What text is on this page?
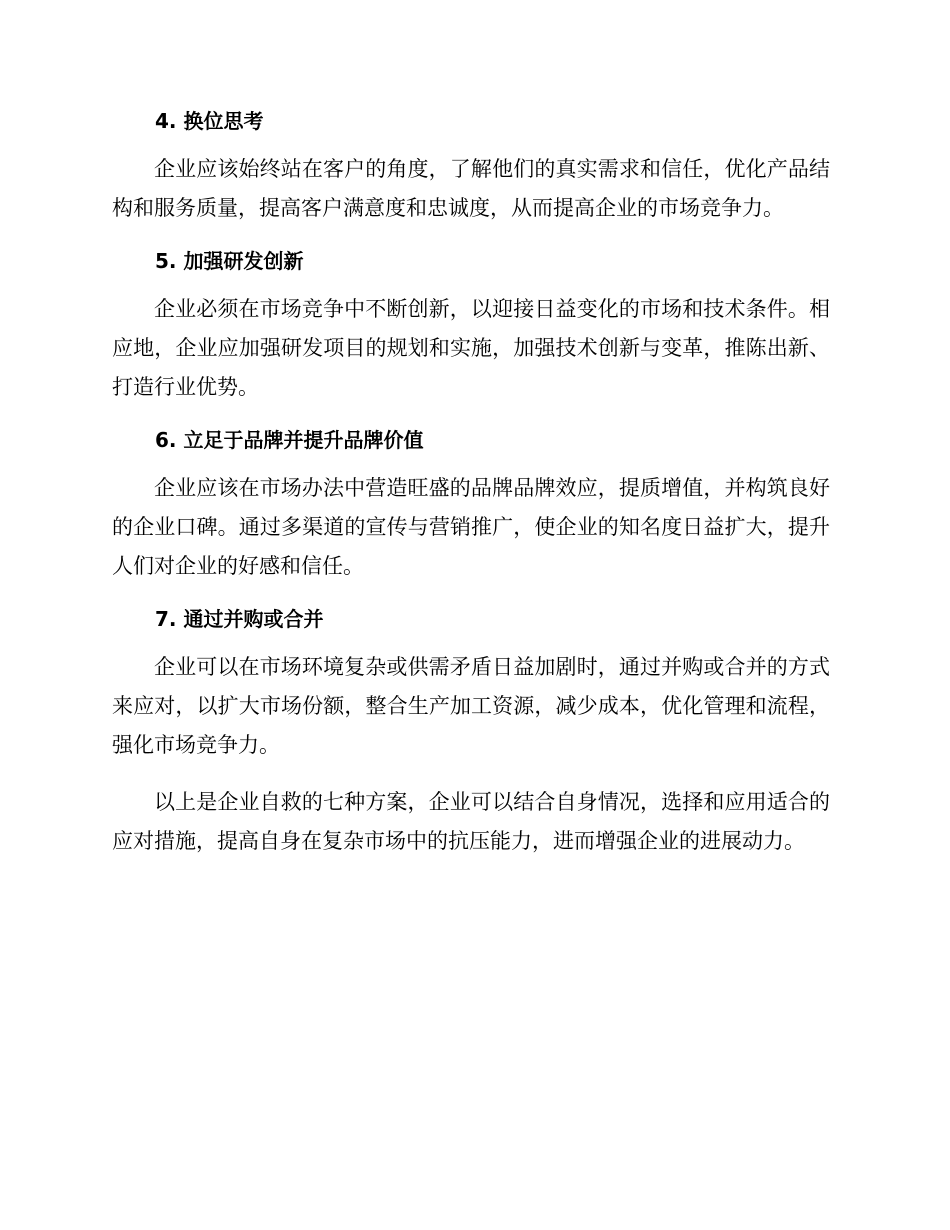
4. 换位思考

企业应该始终站在客户的角度，了解他们的真实需求和信任，优化产品结构和服务质量，提高客户满意度和忠诚度，从而提高企业的市场竞争力。

5. 加强研发创新

企业必须在市场竞争中不断创新，以迎接日益变化的市场和技术条件。相应地，企业应加强研发项目的规划和实施，加强技术创新与变革，推陈出新、打造行业优势。

6. 立足于品牌并提升品牌价值

企业应该在市场办法中营造旺盛的品牌品牌效应，提质增值，并构筑良好的企业口碑。通过多渠道的宣传与营销推广，使企业的知名度日益扩大，提升人们对企业的好感和信任。

7. 通过并购或合并

企业可以在市场环境复杂或供需矛盾日益加剧时，通过并购或合并的方式来应对，以扩大市场份额，整合生产加工资源，减少成本，优化管理和流程，强化市场竞争力。

以上是企业自救的七种方案，企业可以结合自身情况，选择和应用适合的应对措施，提高自身在复杂市场中的抗压能力，进而增强企业的进展动力。
